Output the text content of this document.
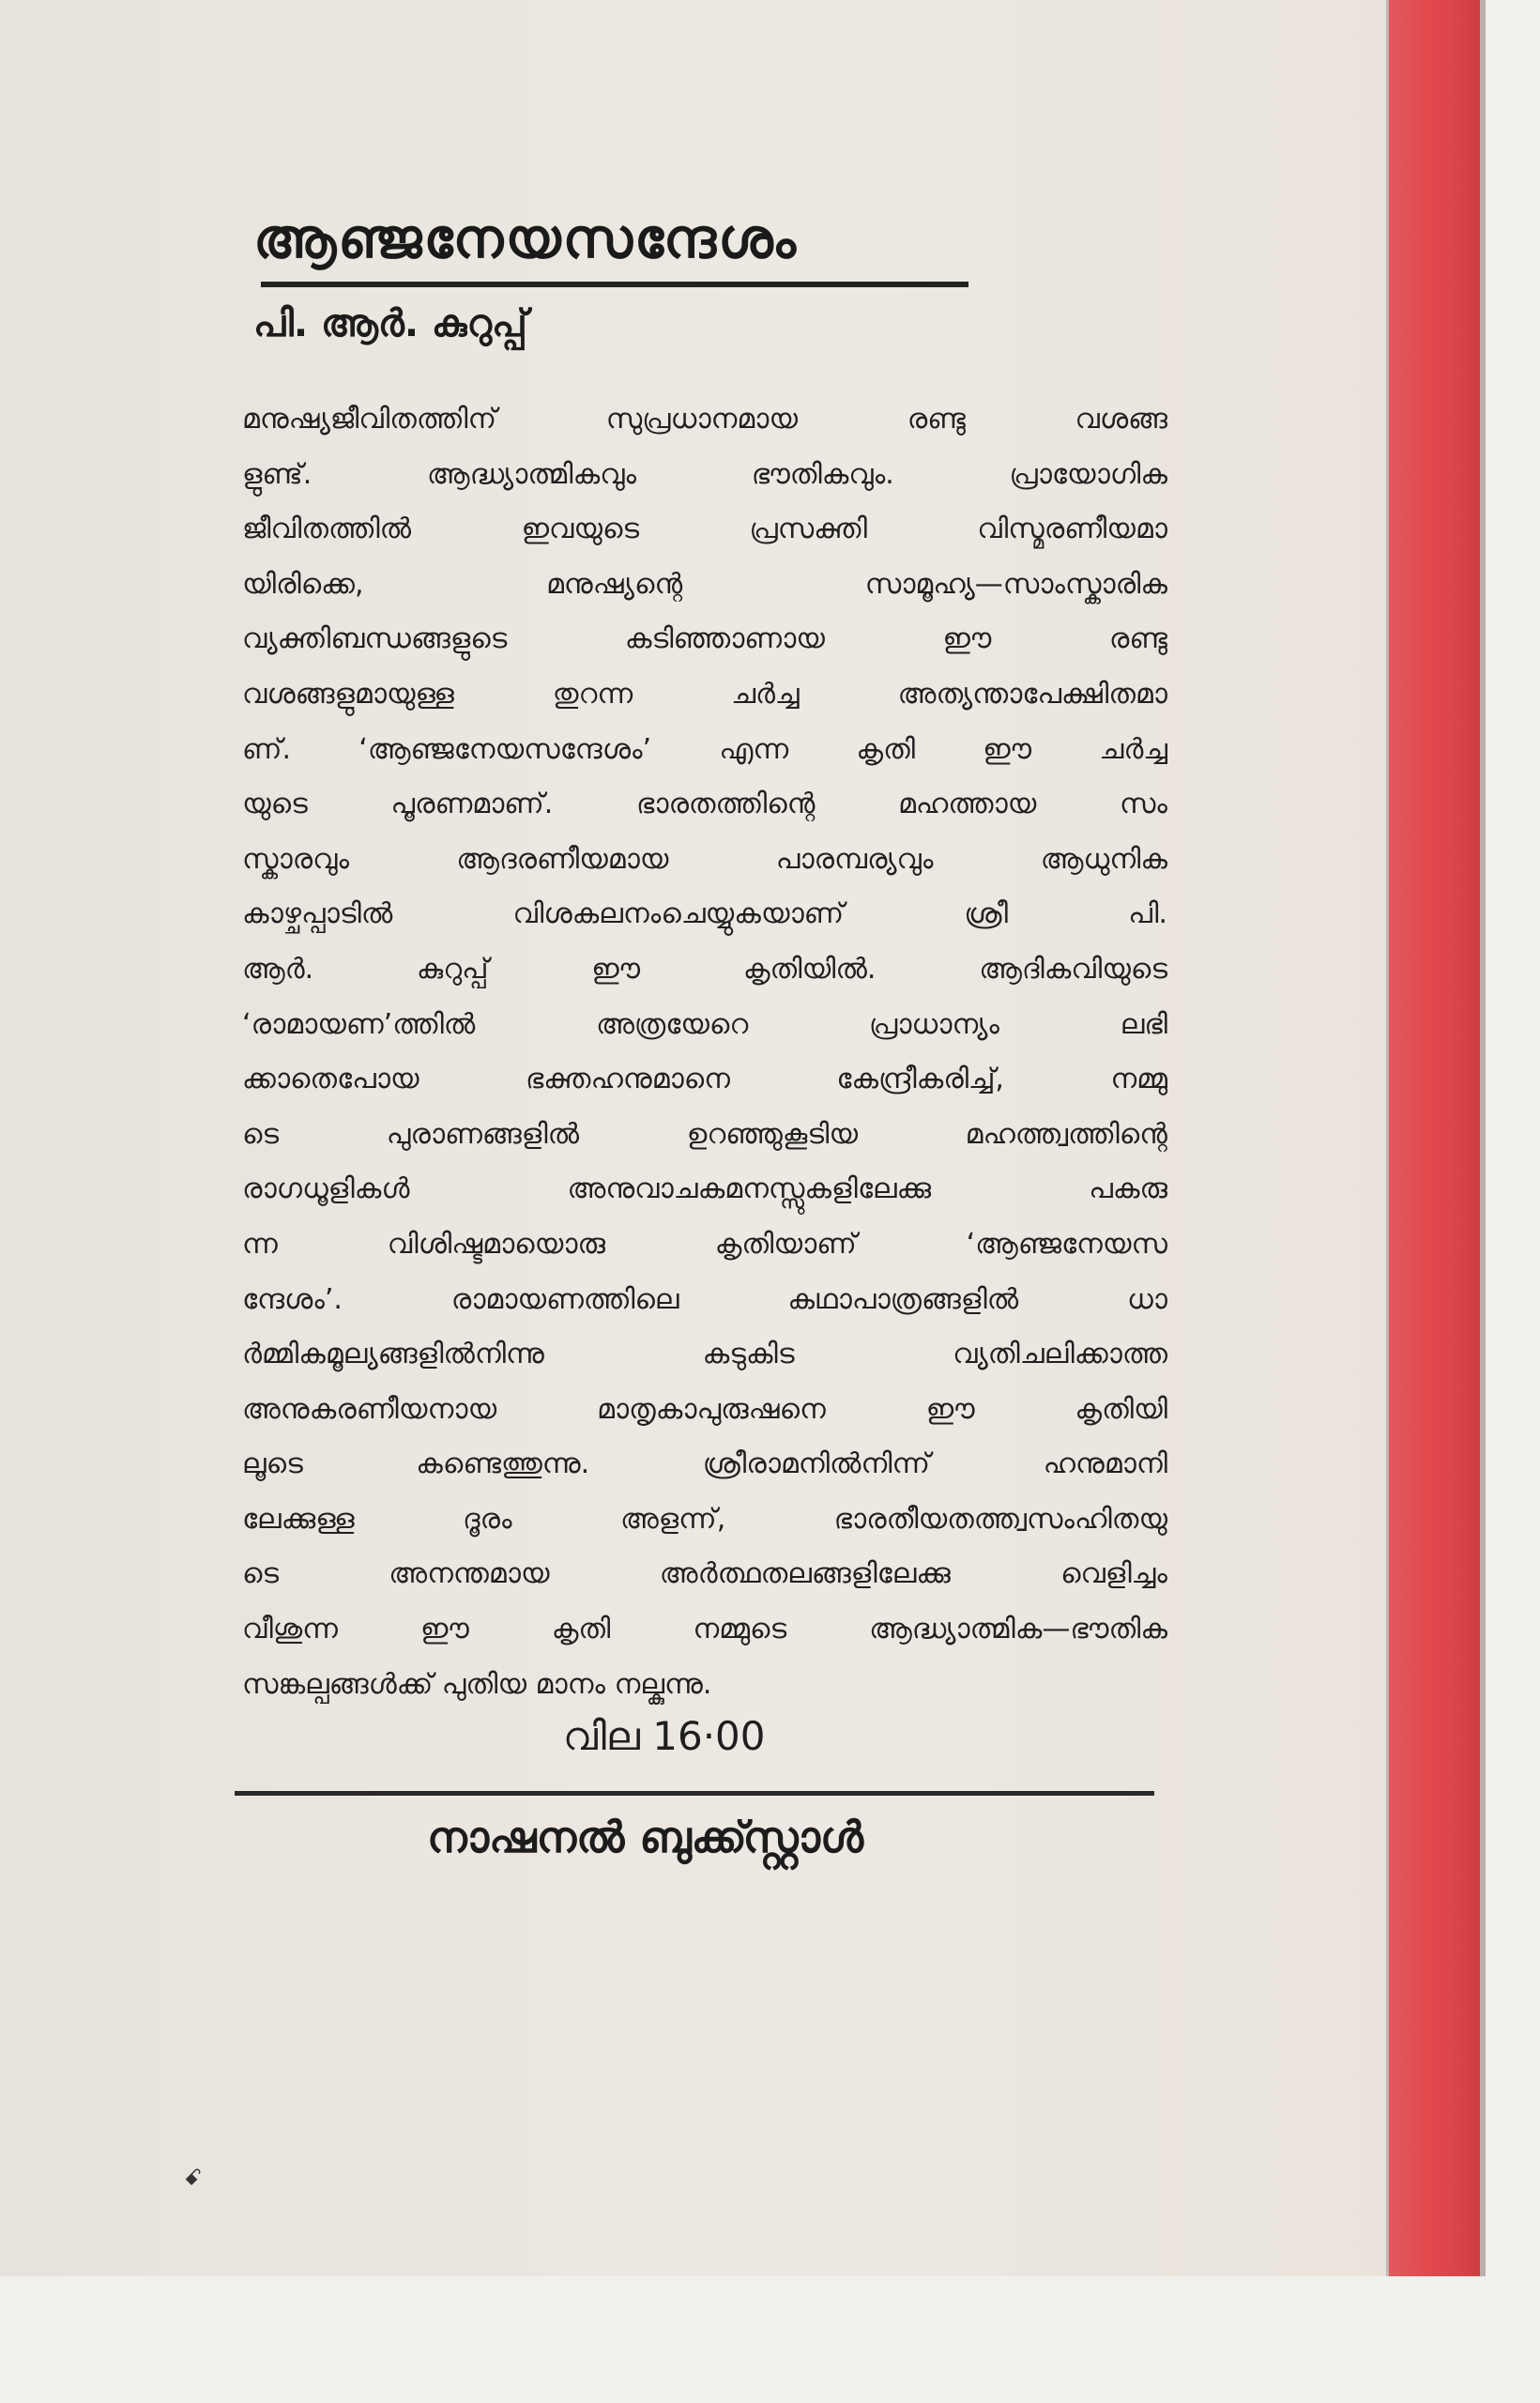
ആഞ്ജനേയസന്ദേശം

പി. ആർ. കുറുപ്പ്

മനുഷ്യജീവിതത്തിന് സുപ്രധാനമായ രണ്ടു വശങ്ങ
ളുണ്ട്. ആദ്ധ്യാത്മികവും ഭൗതികവും. പ്രായോഗിക
ജീവിതത്തിൽ ഇവയുടെ പ്രസക്തി വിസ്മരണീയമാ
യിരിക്കെ, മനുഷ്യന്റെ സാമൂഹ്യ—സാംസ്കാരിക
വ്യക്തിബന്ധങ്ങളുടെ കടിഞ്ഞാണായ ഈ രണ്ടു
വശങ്ങളുമായുള്ള തുറന്ന ചർച്ച അത്യന്താപേക്ഷിതമാ
ണ്. ‘ആഞ്ജനേയസന്ദേശം’ എന്ന കൃതി ഈ ചർച്ച
യുടെ പൂരണമാണ്. ഭാരതത്തിന്റെ മഹത്തായ സം
സ്കാരവും ആദരണീയമായ പാരമ്പര്യവും ആധുനിക
കാഴ്ചപ്പാടിൽ വിശകലനംചെയ്യുകയാണ് ശ്രീ പി.
ആർ. കുറുപ്പ് ഈ കൃതിയിൽ. ആദികവിയുടെ
‘രാമായണ’ത്തിൽ അത്രയേറെ പ്രാധാന്യം ലഭി
ക്കാതെപോയ ഭക്തഹനുമാനെ കേന്ദ്രീകരിച്ച്, നമ്മു
ടെ പുരാണങ്ങളിൽ ഉറഞ്ഞുകൂടിയ മഹത്ത്വത്തിന്റെ
രാഗധൂളികൾ അനുവാചകമനസ്സുകളിലേക്കു പകരു
ന്ന വിശിഷ്ടമായൊരു കൃതിയാണ് ‘ആഞ്ജനേയസ
ന്ദേശം’. രാമായണത്തിലെ കഥാപാത്രങ്ങളിൽ ധാ
ർമ്മികമൂല്യങ്ങളിൽനിന്നു കടുകിട വ്യതിചലിക്കാത്ത
അനുകരണീയനായ മാതൃകാപുരുഷനെ ഈ കൃതിയി
ലൂടെ കണ്ടെത്തുന്നു. ശ്രീരാമനിൽനിന്ന് ഹനുമാനി
ലേക്കുള്ള ദൂരം അളന്ന്, ഭാരതീയതത്ത്വസംഹിതയു
ടെ അനന്തമായ അർത്ഥതലങ്ങളിലേക്കു വെളിച്ചം
വീശുന്ന ഈ കൃതി നമ്മുടെ ആദ്ധ്യാത്മിക—ഭൗതിക
സങ്കല്പങ്ങൾക്ക് പുതിയ മാനം നല്കുന്നു.

വില 16·00

നാഷനൽ ബുക്ക്സ്റ്റാൾ

ꗃ
